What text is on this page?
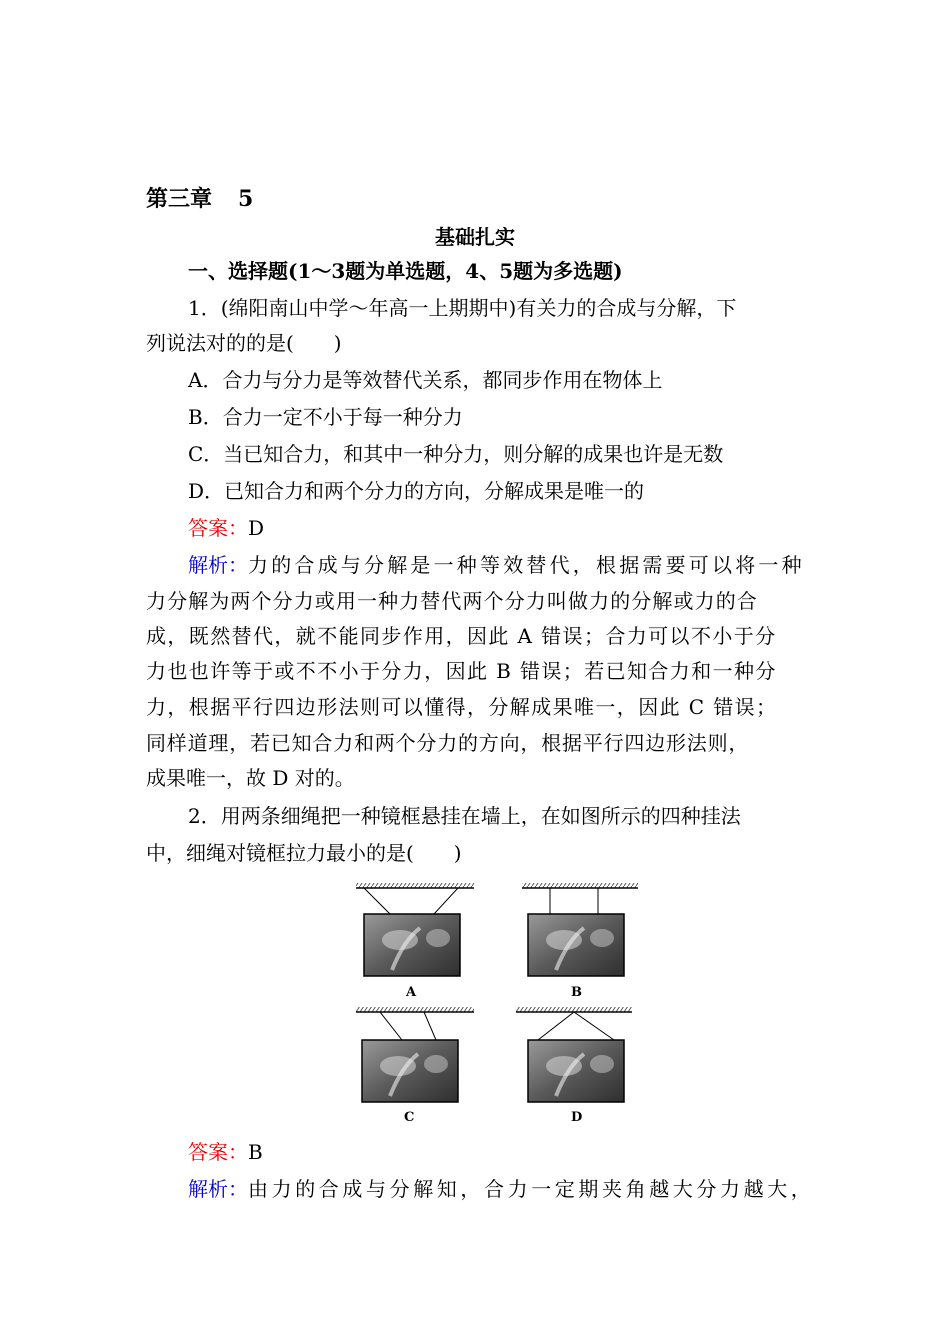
第三章 5
基础扎实
一、选择题(1～3题为单选题，4、5题为多选题)
1．(绵阳南山中学～年高一上期期中)有关力的合成与分解，下
列说法对的的是(　　)
A．合力与分力是等效替代关系，都同步作用在物体上
B．合力一定不小于每一种分力
C．当已知合力，和其中一种分力，则分解的成果也许是无数
D．已知合力和两个分力的方向，分解成果是唯一的
答案：D
解析：力的合成与分解是一种等效替代，根据需要可以将一种
力分解为两个分力或用一种力替代两个分力叫做力的分解或力的合
成，既然替代，就不能同步作用，因此 A 错误；合力可以不小于分
力也也许等于或不不小于分力，因此 B 错误；若已知合力和一种分
力，根据平行四边形法则可以懂得，分解成果唯一，因此 C 错误；
同样道理，若已知合力和两个分力的方向，根据平行四边形法则，
成果唯一，故 D 对的。
2．用两条细绳把一种镜框悬挂在墙上，在如图所示的四种挂法
中，细绳对镜框拉力最小的是(　　)
A	B
C	D
答案：B
解析：由力的合成与分解知，合力一定期夹角越大分力越大，
